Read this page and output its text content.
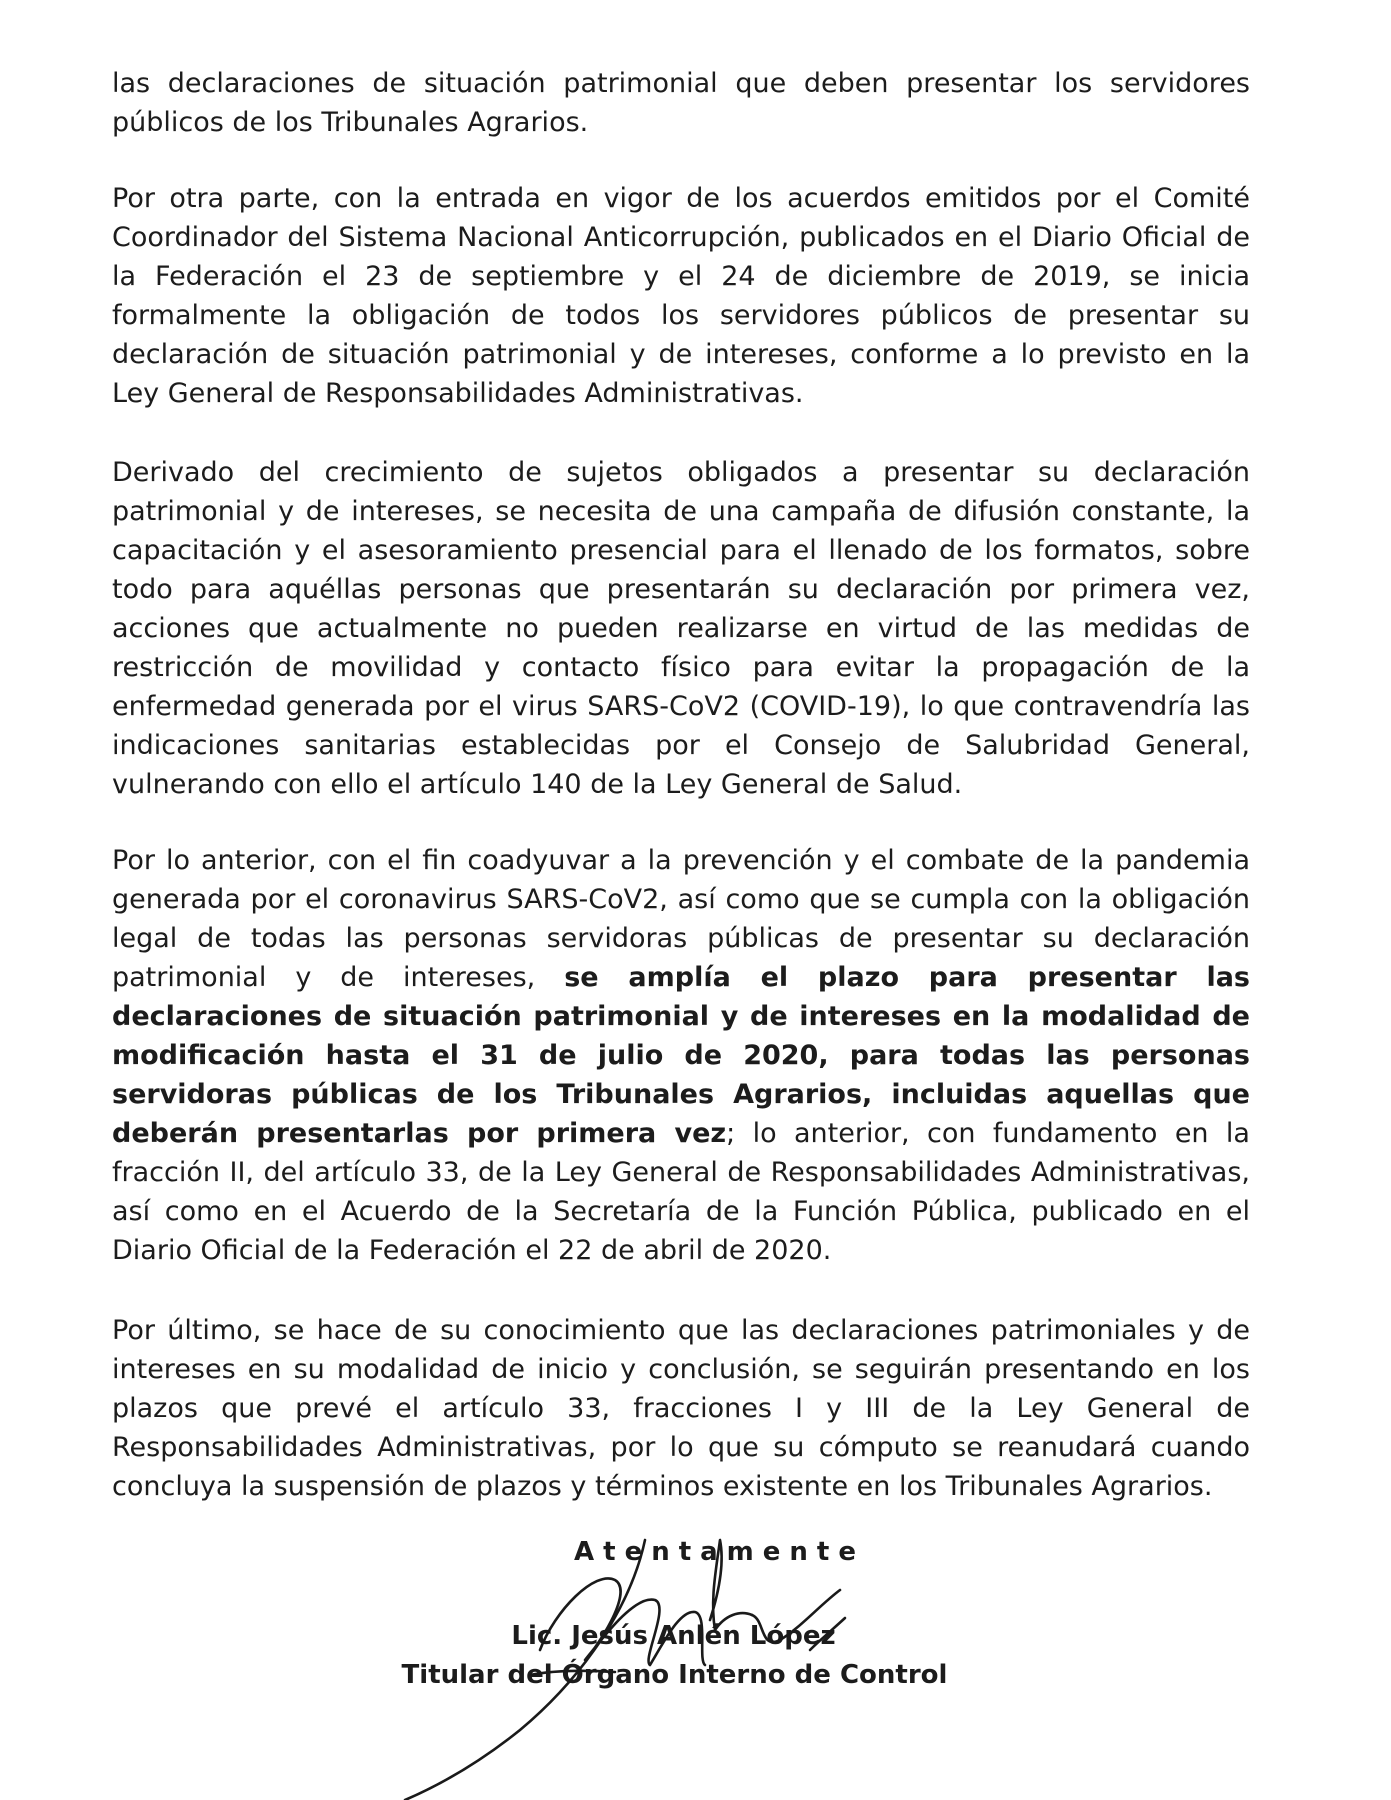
las declaraciones de situación patrimonial que deben presentar los servidores públicos de los Tribunales Agrarios.

Por otra parte, con la entrada en vigor de los acuerdos emitidos por el Comité Coordinador del Sistema Nacional Anticorrupción, publicados en el Diario Oficial de la Federación el 23 de septiembre y el 24 de diciembre de 2019, se inicia formalmente la obligación de todos los servidores públicos de presentar su declaración de situación patrimonial y de intereses, conforme a lo previsto en la Ley General de Responsabilidades Administrativas.

Derivado del crecimiento de sujetos obligados a presentar su declaración patrimonial y de intereses, se necesita de una campaña de difusión constante, la capacitación y el asesoramiento presencial para el llenado de los formatos, sobre todo para aquéllas personas que presentarán su declaración por primera vez, acciones que actualmente no pueden realizarse en virtud de las medidas de restricción de movilidad y contacto físico para evitar la propagación de la enfermedad generada por el virus SARS-CoV2 (COVID-19), lo que contravendría las indicaciones sanitarias establecidas por el Consejo de Salubridad General, vulnerando con ello el artículo 140 de la Ley General de Salud.

Por lo anterior, con el fin coadyuvar a la prevención y el combate de la pandemia generada por el coronavirus SARS-CoV2, así como que se cumpla con la obligación legal de todas las personas servidoras públicas de presentar su declaración patrimonial y de intereses, se amplía el plazo para presentar las declaraciones de situación patrimonial y de intereses en la modalidad de modificación hasta el 31 de julio de 2020, para todas las personas servidoras públicas de los Tribunales Agrarios, incluidas aquellas que deberán presentarlas por primera vez; lo anterior, con fundamento en la fracción II, del artículo 33, de la Ley General de Responsabilidades Administrativas, así como en el Acuerdo de la Secretaría de la Función Pública, publicado en el Diario Oficial de la Federación el 22 de abril de 2020.

Por último, se hace de su conocimiento que las declaraciones patrimoniales y de intereses en su modalidad de inicio y conclusión, se seguirán presentando en los plazos que prevé el artículo 33, fracciones I y III de la Ley General de Responsabilidades Administrativas, por lo que su cómputo se reanudará cuando concluya la suspensión de plazos y términos existente en los Tribunales Agrarios.

Atentamente

Lic. Jesús Anlén López

Titular del Órgano Interno de Control
